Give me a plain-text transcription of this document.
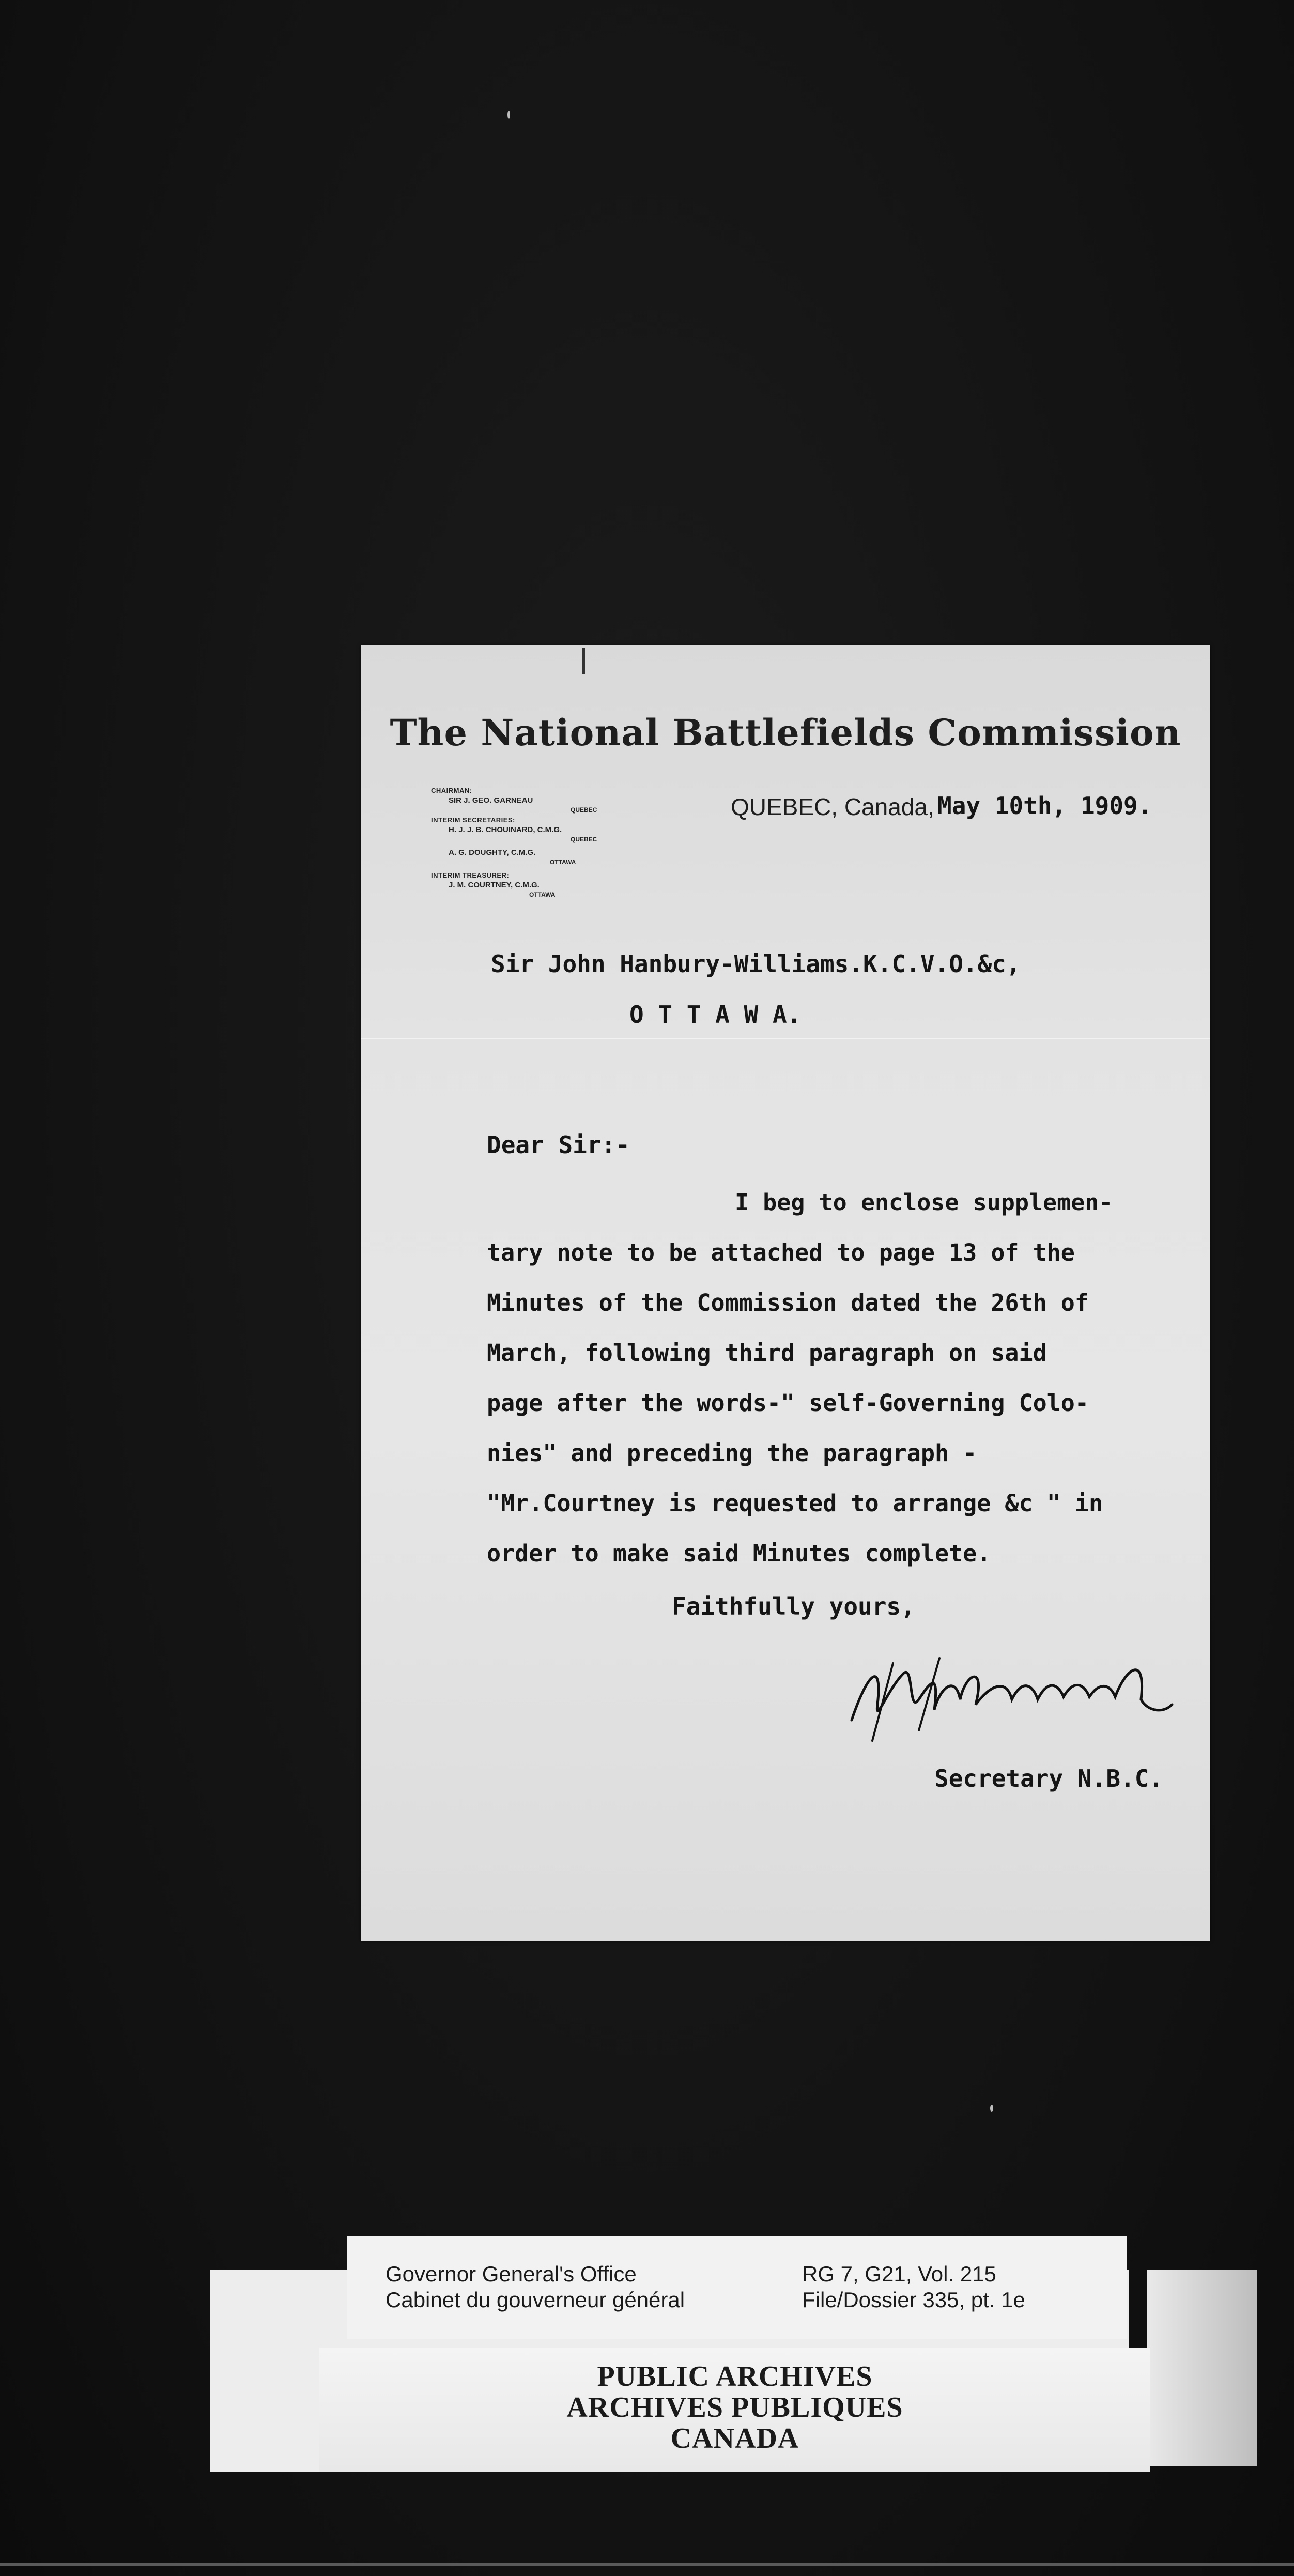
The National Battlefields Commission
CHAIRMAN:
SIR J. GEO. GARNEAU
QUEBEC
INTERIM SECRETARIES:
H. J. J. B. CHOUINARD, C.M.G.
QUEBEC
A. G. DOUGHTY, C.M.G.
OTTAWA
INTERIM TREASURER:
J. M. COURTNEY, C.M.G.
OTTAWA
QUEBEC, Canada, May 10th, 1909.
Sir John Hanbury-Williams.K.C.V.O.&c,
O T T A W A.
Dear Sir:-
I beg to enclose supplemen-
tary note to be attached to page 13 of the
Minutes of the Commission dated the 26th of
March, following third paragraph on said
page after the words-" self-Governing Colo-
nies" and preceding the paragraph -
"Mr.Courtney is requested to arrange &c " in
order to make said Minutes complete.
Faithfully yours,
Secretary N.B.C.
Governor General's Office
Cabinet du gouverneur général
RG 7, G21, Vol. 215
File/Dossier 335, pt. 1e
PUBLIC ARCHIVES
ARCHIVES PUBLIQUES
CANADA
